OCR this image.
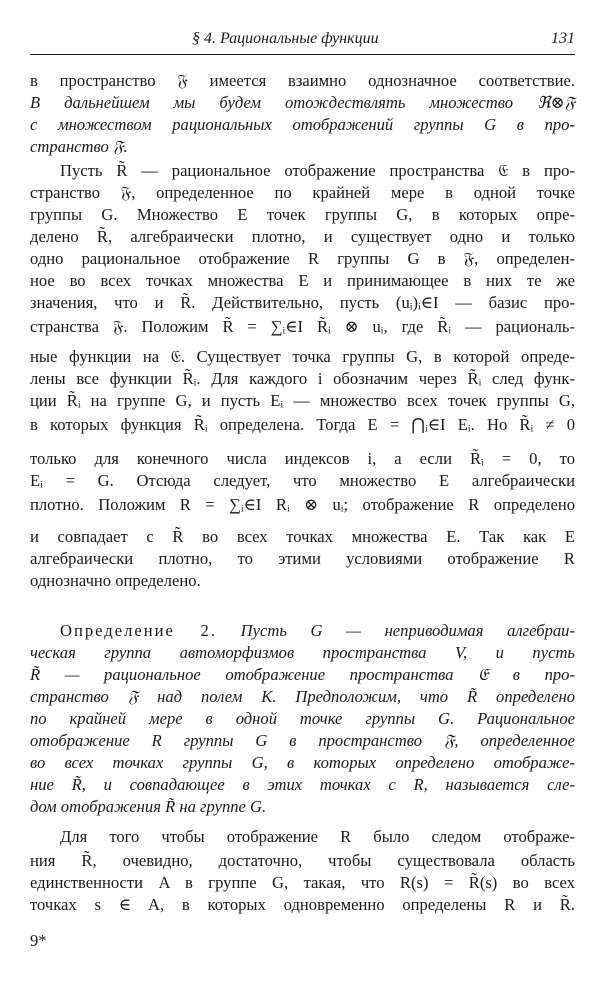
§ 4. Рациональные функции	131
в пространство 𝔉 имеется взаимно однозначное соответствие.
В дальнейшем мы будем отождествлять множество ℜ⊗𝔉
с множеством рациональных отображений группы G в про-
странство 𝔉.
Пусть R̃ — рациональное отображение пространства 𝔈 в про-
странство 𝔉, определенное по крайней мере в одной точке
группы G. Множество E точек группы G, в которых опре-
делено R̃, алгебраически плотно, и существует одно и только
одно рациональное отображение R группы G в 𝔉, определен-
ное во всех точках множества E и принимающее в них те же
значения, что и R̃. Действительно, пусть (uᵢ)ᵢ∈I — базис про-
странства 𝔉. Положим R̃ = ∑ᵢ∈I R̃ᵢ ⊗ uᵢ, где R̃ᵢ — рациональ-
ные функции на 𝔈. Существует точка группы G, в которой опреде-
лены все функции R̃ᵢ. Для каждого i обозначим через R̃ᵢ след функ-
ции R̃ᵢ на группе G, и пусть Eᵢ — множество всех точек группы G,
в которых функция R̃ᵢ определена. Тогда E = ⋂ᵢ∈I Eᵢ. Но R̃ᵢ ≠ 0
только для конечного числа индексов i, а если R̃ᵢ = 0, то
Eᵢ = G. Отсюда следует, что множество E алгебраически
плотно. Положим R = ∑ᵢ∈I Rᵢ ⊗ uᵢ; отображение R определено
и совпадает с R̃ во всех точках множества E. Так как E
алгебраически плотно, то этими условиями отображение R
однозначно определено.
Определение 2. Пусть G — неприводимая алгебраи-
ческая группа автоморфизмов пространства V, и пусть
R̃ — рациональное отображение пространства 𝔈 в про-
странство 𝔉 над полем K. Предположим, что R̃ определено
по крайней мере в одной точке группы G. Рациональное
отображение R группы G в пространство 𝔉, определенное
во всех точках группы G, в которых определено отображе-
ние R̃, и совпадающее в этих точках с R, называется сле-
дом отображения R̃ на группе G.
Для того чтобы отображение R было следом отображе-
ния R̃, очевидно, достаточно, чтобы существовала область
единственности A в группе G, такая, что R(s) = R̃(s) во всех
точках s ∈ A, в которых одновременно определены R и R̃.
9*
